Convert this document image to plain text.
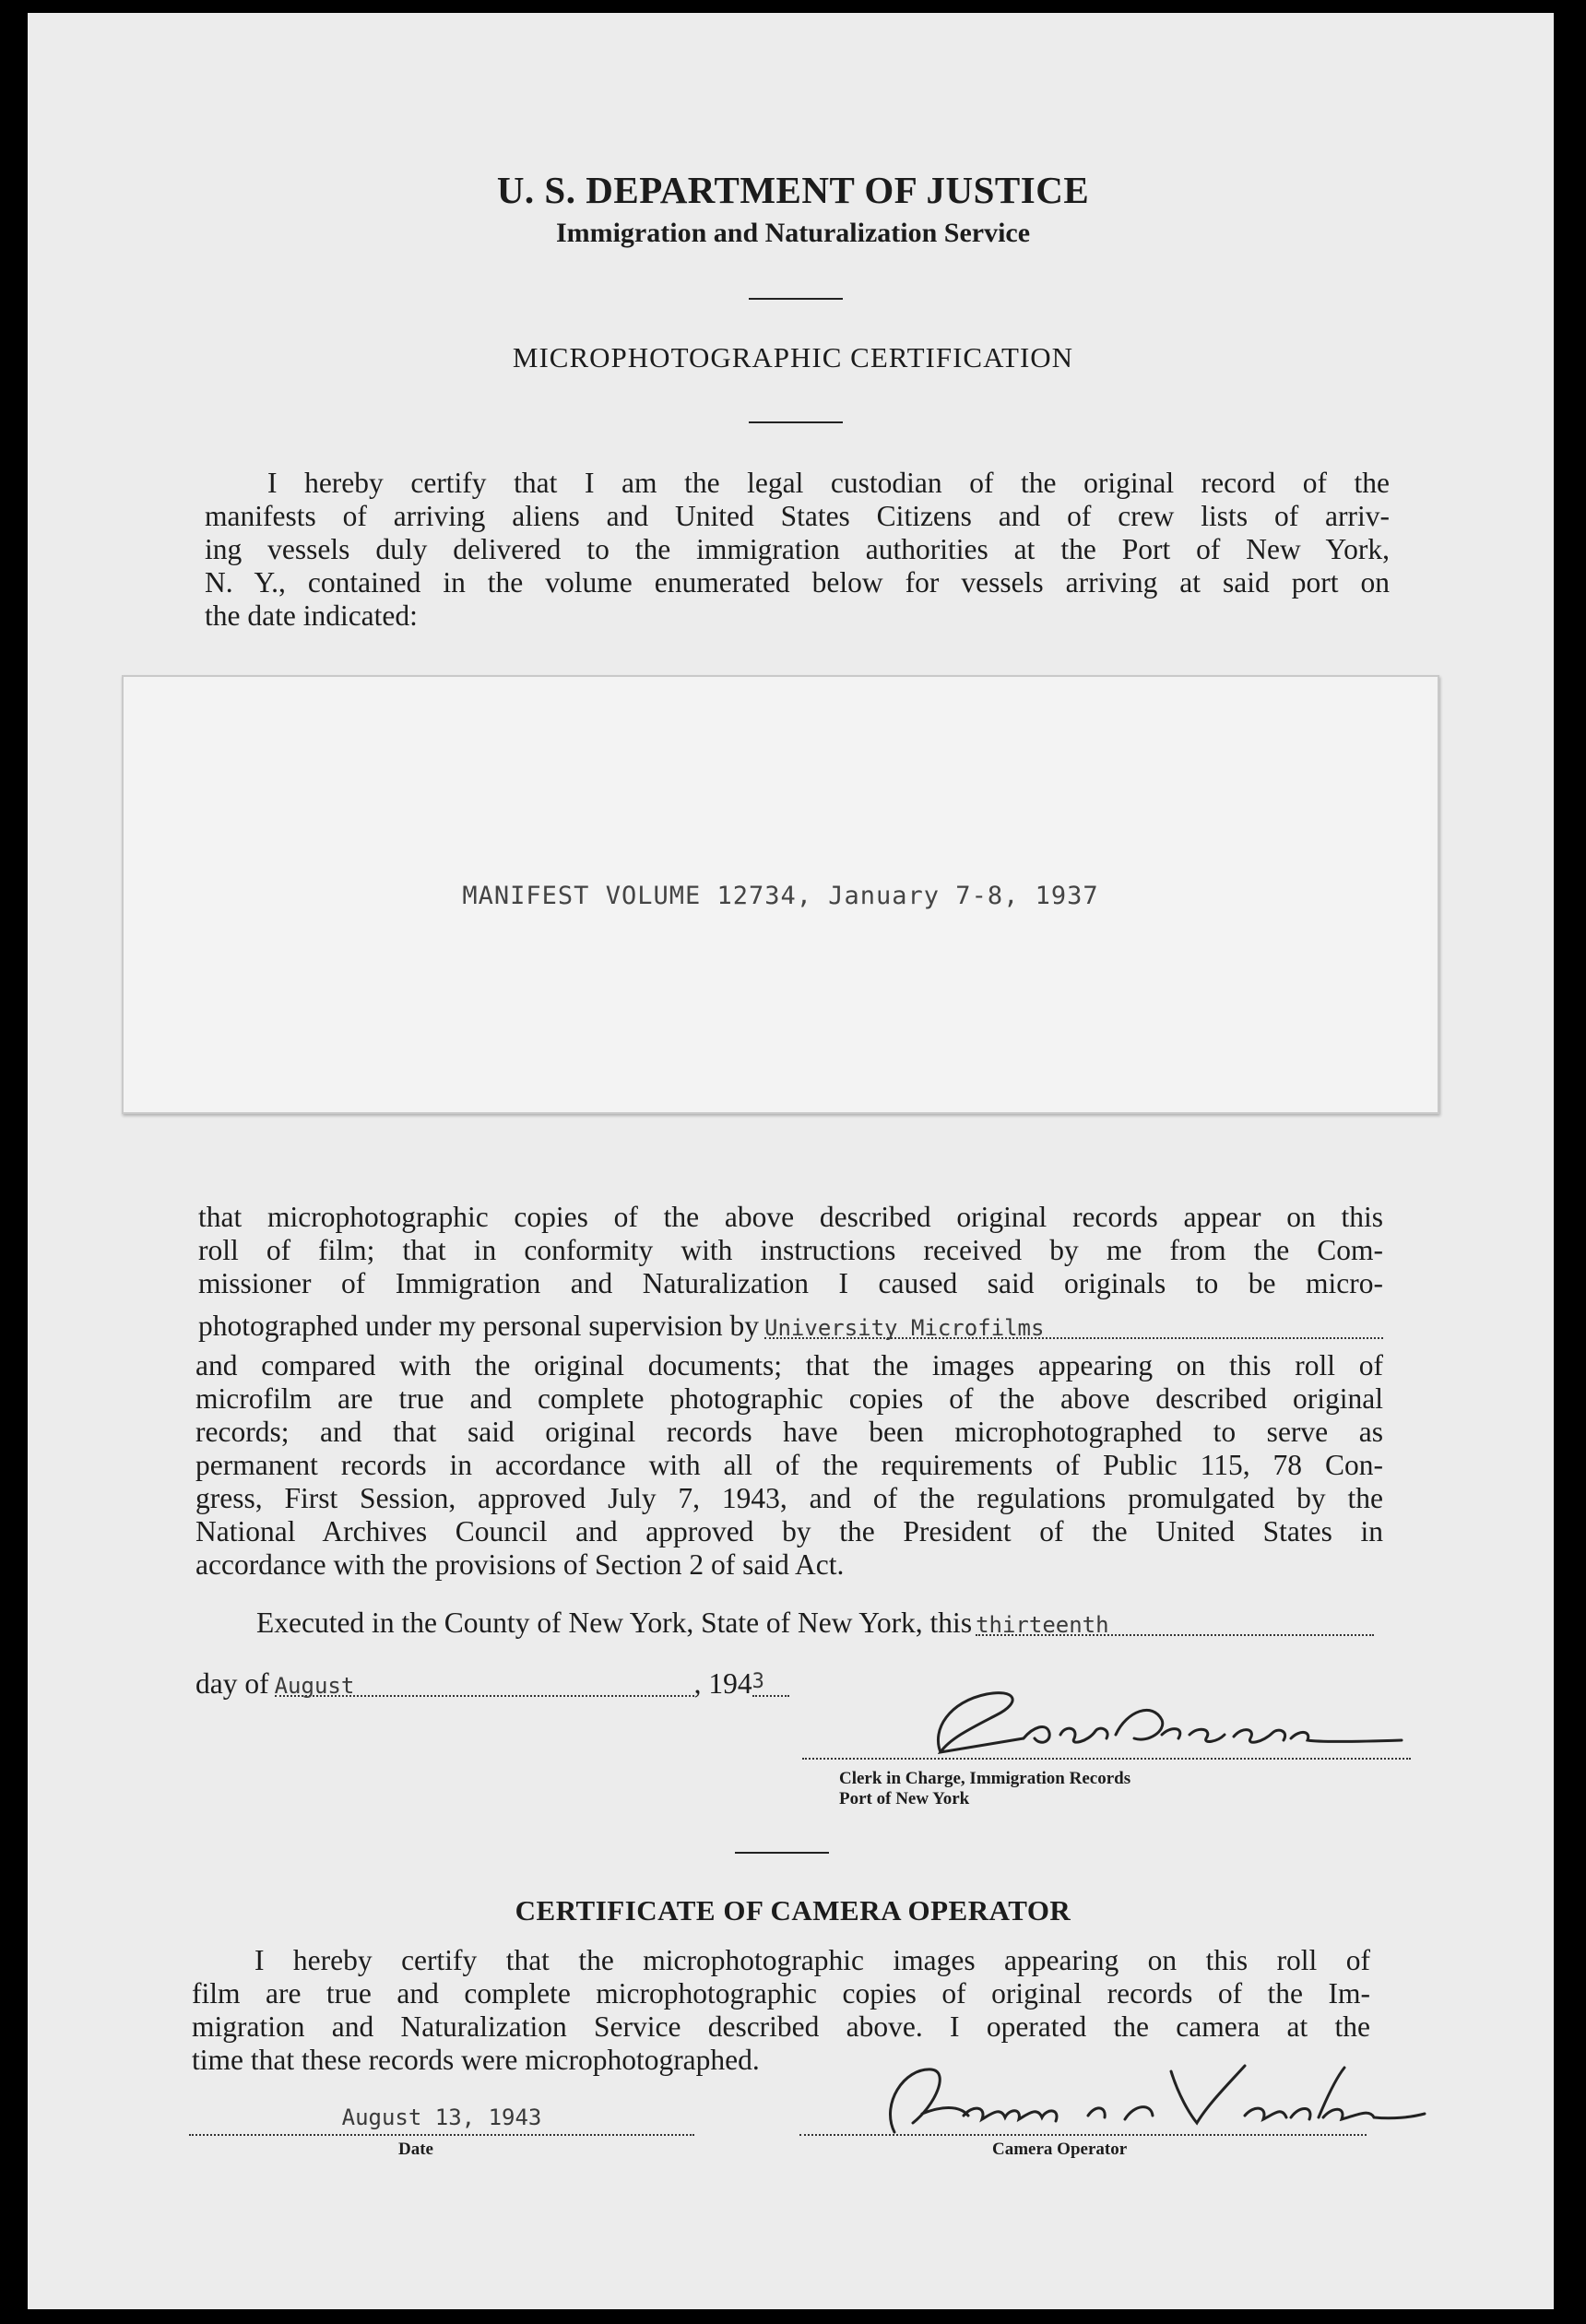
U. S. DEPARTMENT OF JUSTICE
Immigration and Naturalization Service
MICROPHOTOGRAPHIC CERTIFICATION
I hereby certify that I am the legal custodian of the original record of the
manifests of arriving aliens and United States Citizens and of crew lists of arriv-
ing vessels duly delivered to the immigration authorities at the Port of New York,
N. Y., contained in the volume enumerated below for vessels arriving at said port on
the date indicated:
MANIFEST VOLUME 12734, January 7-8, 1937
that microphotographic copies of the above described original records appear on this
roll of film; that in conformity with instructions received by me from the Com-
missioner of Immigration and Naturalization I caused said originals to be micro-
photographed under my personal supervision by University Microfilms
and compared with the original documents; that the images appearing on this roll of
microfilm are true and complete photographic copies of the above described original
records; and that said original records have been microphotographed to serve as
permanent records in accordance with all of the requirements of Public 115, 78 Con-
gress, First Session, approved July 7, 1943, and of the regulations promulgated by the
National Archives Council and approved by the President of the United States in
accordance with the provisions of Section 2 of said Act.
Executed in the County of New York, State of New York, this thirteenth
day of August	, 194 3
Clerk in Charge, Immigration Records
Port of New York
CERTIFICATE OF CAMERA OPERATOR
I hereby certify that the microphotographic images appearing on this roll of
film are true and complete microphotographic copies of original records of the Im-
migration and Naturalization Service described above. I operated the camera at the
time that these records were microphotographed.
August 13, 1943
Date	Camera Operator
